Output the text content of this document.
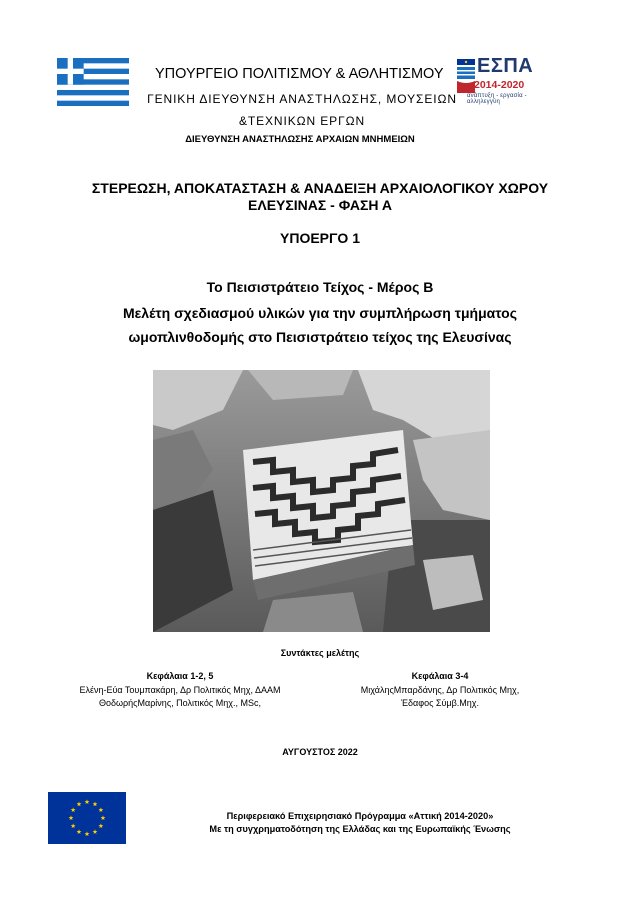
ΥΠΟΥΡΓΕΙΟ ΠΟΛΙΤΙΣΜΟΥ & ΑΘΛΗΤΙΣΜΟΥ
ΓΕΝΙΚΗ ΔΙΕΥΘΥΝΣΗ ΑΝΑΣΤΗΛΩΣΗΣ, ΜΟΥΣΕΙΩΝ
&ΤΕΧΝΙΚΩΝ ΕΡΓΩΝ
ΔΙΕΥΘΥΝΣΗ ΑΝΑΣΤΗΛΩΣΗΣ ΑΡΧΑΙΩΝ ΜΝΗΜΕΙΩΝ
ΕΣΠΑ
2014-2020
ανάπτυξη - εργασία - αλληλεγγύη
ΣΤΕΡΕΩΣΗ, ΑΠΟΚΑΤΑΣΤΑΣΗ & ΑΝΑΔΕΙΞΗ ΑΡΧΑΙΟΛΟΓΙΚΟΥ ΧΩΡΟΥ
ΕΛΕΥΣΙΝΑΣ - ΦΑΣΗ Α
ΥΠΟΕΡΓΟ 1
Το Πεισιστράτειο Τείχος - Μέρος Β
Μελέτη σχεδιασμού υλικών για την συμπλήρωση τμήματος
ωμοπλινθοδομής στο Πεισιστράτειο τείχος της Ελευσίνας
Συντάκτες μελέτης
Κεφάλαια 1-2, 5
Ελένη-Εύα Τουμπακάρη, Δρ Πολιτικός Μηχ, ΔΑΑΜ
ΘοδωρήςΜαρίνης, Πολιτικός Μηχ., MSc,
Κεφάλαια 3-4
ΜιχάληςΜπαρδάνης, Δρ Πολιτικός Μηχ,
Έδαφος Σύμβ.Μηχ.
ΑΥΓΟΥΣΤΟΣ 2022
Περιφερειακό Επιχειρησιακό Πρόγραμμα «Αττική 2014-2020»
Με τη συγχρηματοδότηση της Ελλάδας και της Ευρωπαϊκής Ένωσης
